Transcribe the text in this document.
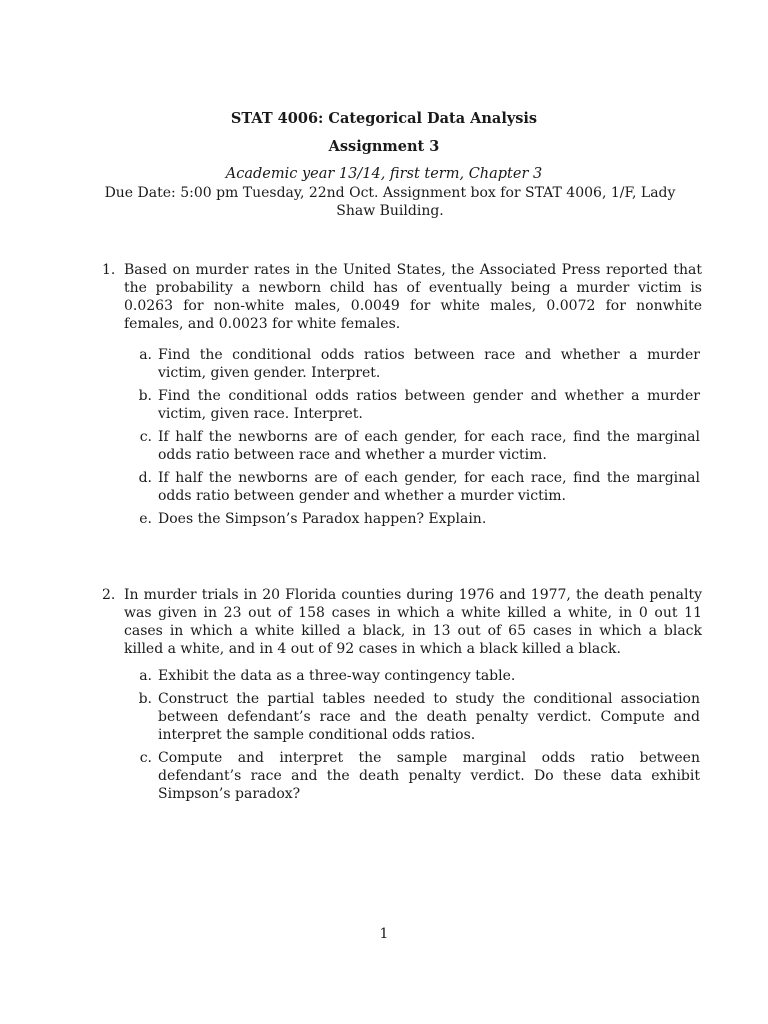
STAT 4006: Categorical Data Analysis
Assignment 3
Academic year 13/14, first term, Chapter 3
Due Date: 5:00 pm Tuesday, 22nd Oct. Assignment box for STAT 4006, 1/F, Lady Shaw Building.
1. Based on murder rates in the United States, the Associated Press reported that the probability a newborn child has of eventually being a murder victim is 0.0263 for non-white males, 0.0049 for white males, 0.0072 for nonwhite females, and 0.0023 for white females.
a. Find the conditional odds ratios between race and whether a murder victim, given gender. Interpret.
b. Find the conditional odds ratios between gender and whether a murder victim, given race. Interpret.
c. If half the newborns are of each gender, for each race, find the marginal odds ratio between race and whether a murder victim.
d. If half the newborns are of each gender, for each race, find the marginal odds ratio between gender and whether a murder victim.
e. Does the Simpson’s Paradox happen? Explain.
2. In murder trials in 20 Florida counties during 1976 and 1977, the death penalty was given in 23 out of 158 cases in which a white killed a white, in 0 out 11 cases in which a white killed a black, in 13 out of 65 cases in which a black killed a white, and in 4 out of 92 cases in which a black killed a black.
a. Exhibit the data as a three-way contingency table.
b. Construct the partial tables needed to study the conditional association between defendant’s race and the death penalty verdict. Compute and interpret the sample conditional odds ratios.
c. Compute and interpret the sample marginal odds ratio between defendant’s race and the death penalty verdict. Do these data exhibit Simpson’s paradox?
1
